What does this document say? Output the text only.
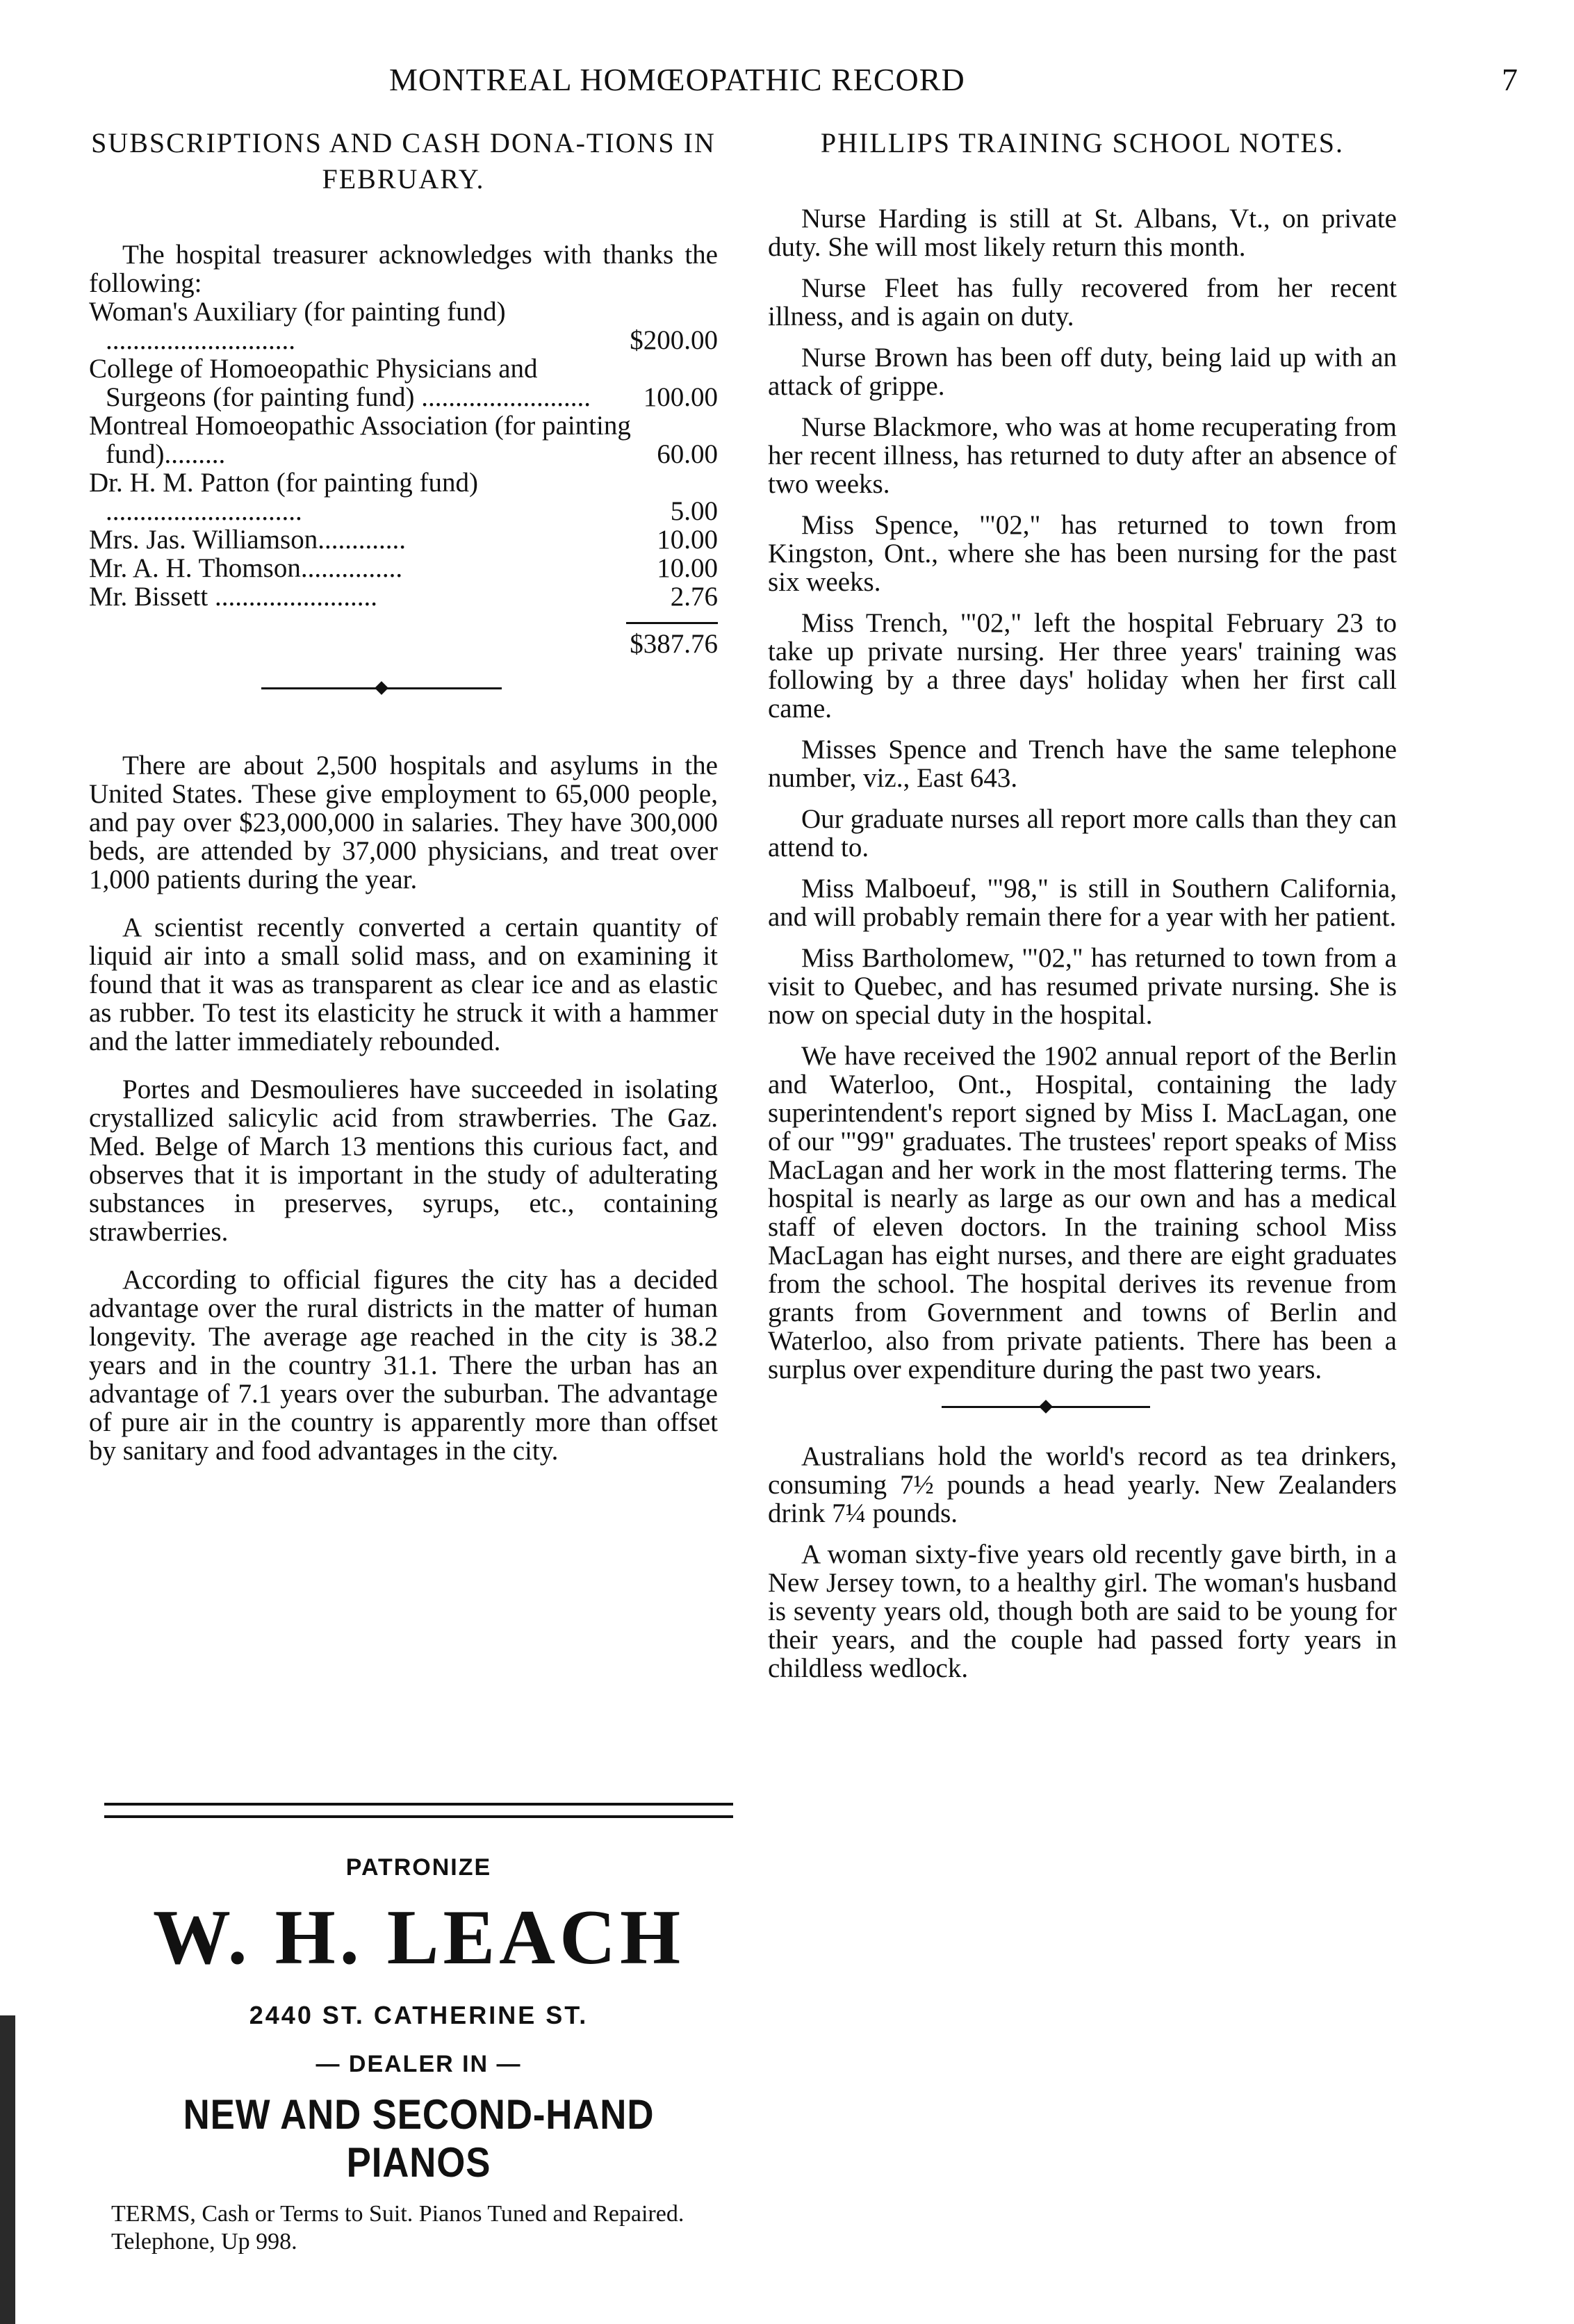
MONTREAL HOMŒOPATHIC RECORD	7
SUBSCRIPTIONS AND CASH DONA-TIONS IN FEBRUARY.

The hospital treasurer acknowledges with thanks the following:

Woman's Auxiliary (for painting fund) ............................	$200.00
College of Homoeopathic Physicians and Surgeons (for painting fund) ......................... 100.00
Montreal Homoeopathic Association (for painting fund).........	60.00
Dr. H. M. Patton (for painting fund) .............................	5.00
Mrs. Jas. Williamson.............	10.00
Mr. A. H. Thomson...............	10.00
Mr. Bissett ........................	2.76
$387.76

There are about 2,500 hospitals and asylums in the United States. These give employment to 65,000 people, and pay over $23,000,000 in salaries. They have 300,000 beds, are attended by 37,000 physicians, and treat over 1,000 patients during the year.

A scientist recently converted a certain quantity of liquid air into a small solid mass, and on examining it found that it was as transparent as clear ice and as elastic as rubber. To test its elasticity he struck it with a hammer and the latter immediately rebounded.

Portes and Desmoulieres have succeeded in isolating crystallized salicylic acid from strawberries. The Gaz. Med. Belge of March 13 mentions this curious fact, and observes that it is important in the study of adulterating substances in preserves, syrups, etc., containing strawberries.

According to official figures the city has a decided advantage over the rural districts in the matter of human longevity. The average age reached in the city is 38.2 years and in the country 31.1. There the urban has an advantage of 7.1 years over the suburban. The advantage of pure air in the country is apparently more than offset by sanitary and food advantages in the city.

PATRONIZE
W. H. LEACH
2440 ST. CATHERINE ST.
— DEALER IN —
NEW AND SECOND-HAND PIANOS
TERMS, Cash or Terms to Suit. Pianos Tuned and Repaired. Telephone, Up 998.
PHILLIPS TRAINING SCHOOL NOTES.

Nurse Harding is still at St. Albans, Vt., on private duty. She will most likely return this month.

Nurse Fleet has fully recovered from her recent illness, and is again on duty.

Nurse Brown has been off duty, being laid up with an attack of grippe.

Nurse Blackmore, who was at home recuperating from her recent illness, has returned to duty after an absence of two weeks.

Miss Spence, '"02," has returned to town from Kingston, Ont., where she has been nursing for the past six weeks.

Miss Trench, '"02," left the hospital February 23 to take up private nursing. Her three years' training was following by a three days' holiday when her first call came.

Misses Spence and Trench have the same telephone number, viz., East 643.

Our graduate nurses all report more calls than they can attend to.

Miss Malboeuf, '"98," is still in Southern California, and will probably remain there for a year with her patient.

Miss Bartholomew, '"02," has returned to town from a visit to Quebec, and has resumed private nursing. She is now on special duty in the hospital.

We have received the 1902 annual report of the Berlin and Waterloo, Ont., Hospital, containing the lady superintendent's report signed by Miss I. MacLagan, one of our '"99" graduates. The trustees' report speaks of Miss MacLagan and her work in the most flattering terms. The hospital is nearly as large as our own and has a medical staff of eleven doctors. In the training school Miss MacLagan has eight nurses, and there are eight graduates from the school. The hospital derives its revenue from grants from Government and towns of Berlin and Waterloo, also from private patients. There has been a surplus over expenditure during the past two years.

Australians hold the world's record as tea drinkers, consuming 7½ pounds a head yearly. New Zealanders drink 7¼ pounds.

A woman sixty-five years old recently gave birth, in a New Jersey town, to a healthy girl. The woman's husband is seventy years old, though both are said to be young for their years, and the couple had passed forty years in childless wedlock.
